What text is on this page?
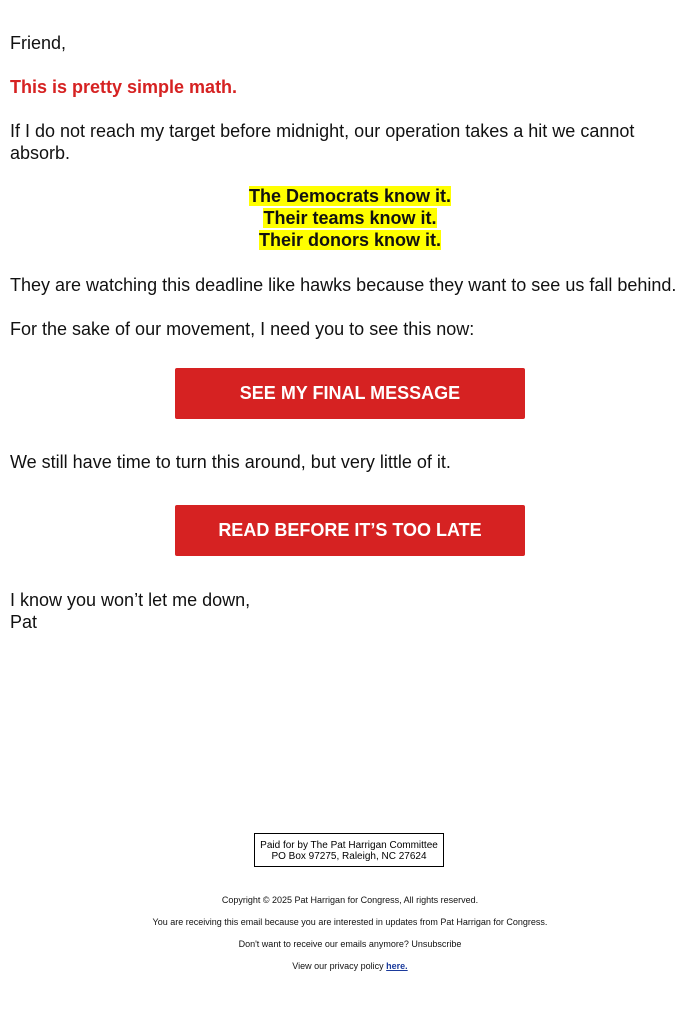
Friend,

This is pretty simple math.

If I do not reach my target before midnight, our operation takes a hit we cannot absorb.

The Democrats know it.
Their teams know it.
Their donors know it.

They are watching this deadline like hawks because they want to see us fall behind.

For the sake of our movement, I need you to see this now:

SEE MY FINAL MESSAGE

We still have time to turn this around, but very little of it.

READ BEFORE IT’S TOO LATE

I know you won’t let me down,

Pat

Paid for by The Pat Harrigan Committee
PO Box 97275, Raleigh, NC 27624
Copyright © 2025 Pat Harrigan for Congress, All rights reserved.
You are receiving this email because you are interested in updates from Pat Harrigan for Congress.
Don't want to receive our emails anymore? Unsubscribe
View our privacy policy here.
